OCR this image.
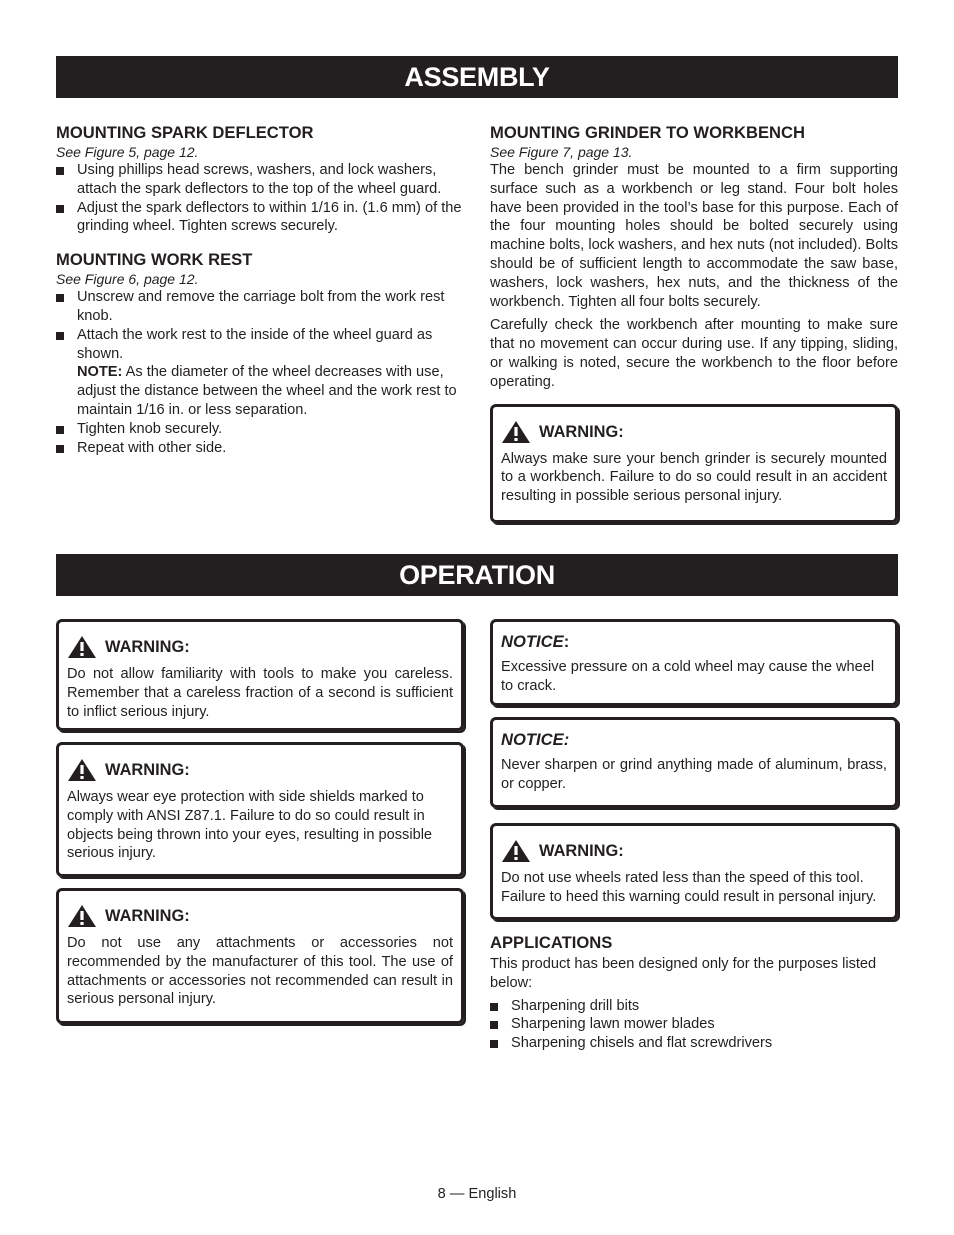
ASSEMBLY
MOUNTING SPARK DEFLECTOR

See Figure 5, page 12.

Using phillips head screws, washers, and lock washers, attach the spark deflectors to the top of the wheel guard.

Adjust the spark deflectors to within 1/16 in. (1.6 mm) of the grinding wheel. Tighten screws securely.

MOUNTING WORK REST

See Figure 6, page 12.

Unscrew and remove the carriage bolt from the work rest knob.

Attach the work rest to the inside of the wheel guard as shown.

NOTE: As the diameter of the wheel decreases with use, adjust the distance between the wheel and the work rest to maintain 1/16 in. or less separation.

Tighten knob securely.

Repeat with other side.

MOUNTING GRINDER TO WORKBENCH

See Figure 7, page 13.

The bench grinder must be mounted to a firm supporting surface such as a workbench or leg stand. Four bolt holes have been provided in the tool’s base for this purpose. Each of the four mounting holes should be bolted securely using machine bolts, lock washers, and hex nuts (not included). Bolts should be of sufficient length to accommodate the saw base, washers, lock washers, hex nuts, and the thickness of the workbench. Tighten all four bolts securely.

Carefully check the workbench after mounting to make sure that no movement can occur during use. If any tipping, sliding, or walking is noted, secure the workbench to the floor before operating.

WARNING:

Always make sure your bench grinder is securely mounted to a workbench. Failure to do so could result in an accident resulting in possible serious personal injury.

OPERATION
WARNING:

Do not allow familiarity with tools to make you careless. Remember that a careless fraction of a second is sufficient to inflict serious injury.

WARNING:

Always wear eye protection with side shields marked to comply with ANSI Z87.1. Failure to do so could result in objects being thrown into your eyes, resulting in possible serious injury.

WARNING:

Do not use any attachments or accessories not recommended by the manufacturer of this tool. The use of attachments or accessories not recommended can result in serious personal injury.

NOTICE:

Excessive pressure on a cold wheel may cause the wheel to crack.

NOTICE:

Never sharpen or grind anything made of aluminum, brass, or copper.

WARNING:

Do not use wheels rated less than the speed of this tool. Failure to heed this warning could result in personal injury.

APPLICATIONS

This product has been designed only for the purposes listed below:

Sharpening drill bits

Sharpening lawn mower blades

Sharpening chisels and flat screwdrivers

8 — English
